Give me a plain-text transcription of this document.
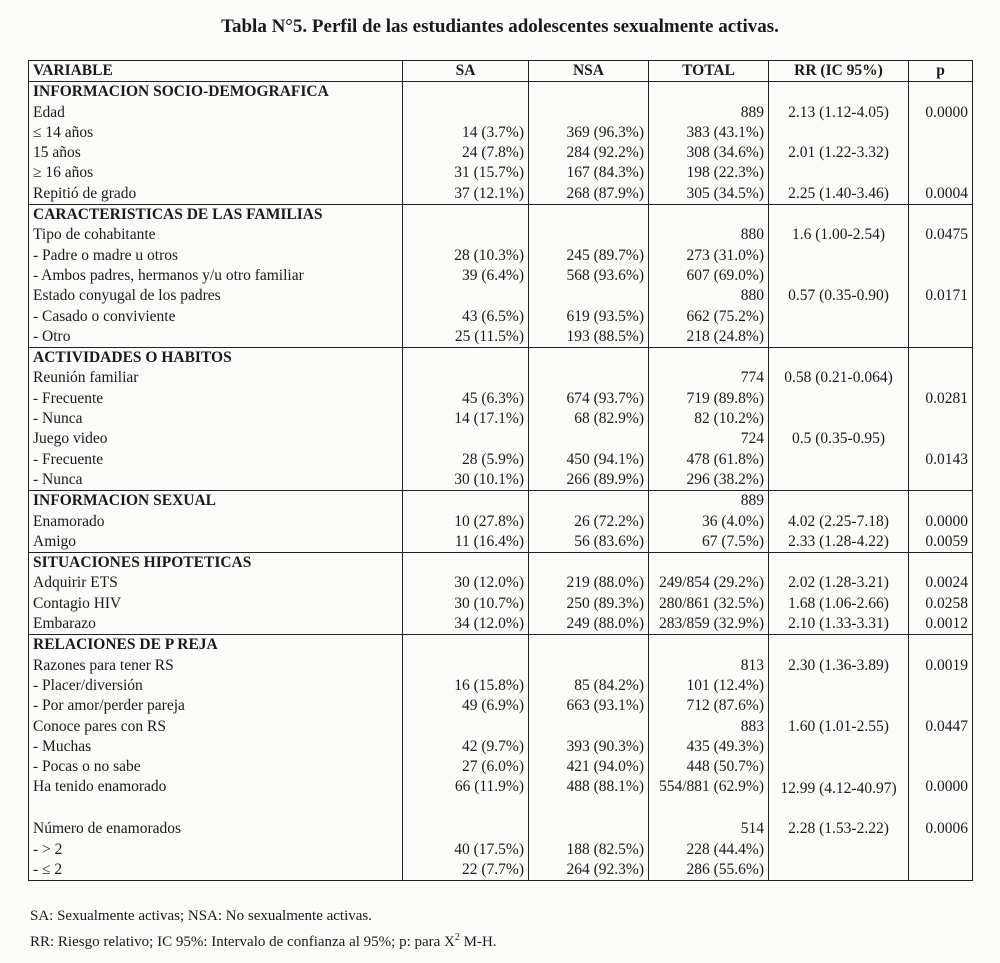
Tabla N°5. Perfil de las estudiantes adolescentes sexualmente activas.
VARIABLE	SA	NSA	TOTAL	RR (IC 95%)	p
INFORMACION SOCIO-DEMOGRAFICA					
Edad			889	2.13 (1.12-4.05)	0.0000
≤ 14 años	14 (3.7%)	369 (96.3%)	383 (43.1%)		
15 años	24 (7.8%)	284 (92.2%)	308 (34.6%)	2.01 (1.22-3.32)	
≥ 16 años	31 (15.7%)	167 (84.3%)	198 (22.3%)		
Repitió de grado	37 (12.1%)	268 (87.9%)	305 (34.5%)	2.25 (1.40-3.46)	0.0004
CARACTERISTICAS DE LAS FAMILIAS					
Tipo de cohabitante			880	1.6 (1.00-2.54)	0.0475
- Padre o madre u otros	28 (10.3%)	245 (89.7%)	273 (31.0%)		
- Ambos padres, hermanos y/u otro familiar	39 (6.4%)	568 (93.6%)	607 (69.0%)		
Estado conyugal de los padres			880	0.57 (0.35-0.90)	0.0171
- Casado o conviviente	43 (6.5%)	619 (93.5%)	662 (75.2%)		
- Otro	25 (11.5%)	193 (88.5%)	218 (24.8%)		
ACTIVIDADES O HABITOS					
Reunión familiar			774	0.58 (0.21-0.064)	
- Frecuente	45 (6.3%)	674 (93.7%)	719 (89.8%)		0.0281
- Nunca	14 (17.1%)	68 (82.9%)	82 (10.2%)		
Juego video			724	0.5 (0.35-0.95)	
- Frecuente	28 (5.9%)	450 (94.1%)	478 (61.8%)		0.0143
- Nunca	30 (10.1%)	266 (89.9%)	296 (38.2%)		
INFORMACION SEXUAL			889		
Enamorado	10 (27.8%)	26 (72.2%)	36 (4.0%)	4.02 (2.25-7.18)	0.0000
Amigo	11 (16.4%)	56 (83.6%)	67 (7.5%)	2.33 (1.28-4.22)	0.0059
SITUACIONES HIPOTETICAS					
Adquirir ETS	30 (12.0%)	219 (88.0%)	249/854 (29.2%)	2.02 (1.28-3.21)	0.0024
Contagio HIV	30 (10.7%)	250 (89.3%)	280/861 (32.5%)	1.68 (1.06-2.66)	0.0258
Embarazo	34 (12.0%)	249 (88.0%)	283/859 (32.9%)	2.10 (1.33-3.31)	0.0012
RELACIONES DE P REJA					
Razones para tener RS			813	2.30 (1.36-3.89)	0.0019
- Placer/diversión	16 (15.8%)	85 (84.2%)	101 (12.4%)		
- Por amor/perder pareja	49 (6.9%)	663 (93.1%)	712 (87.6%)		
Conoce pares con RS			883	1.60 (1.01-2.55)	0.0447
- Muchas	42 (9.7%)	393 (90.3%)	435 (49.3%)		
- Pocas o no sabe	27 (6.0%)	421 (94.0%)	448 (50.7%)		
Ha tenido enamorado	66 (11.9%)	488 (88.1%)	554/881 (62.9%)	12.99 (4.12-40.97)	0.0000
Número de enamorados			514	2.28 (1.53-2.22)	0.0006
- > 2	40 (17.5%)	188 (82.5%)	228 (44.4%)		
- ≤ 2	22 (7.7%)	264 (92.3%)	286 (55.6%)		
SA: Sexualmente activas; NSA: No sexualmente activas.
RR: Riesgo relativo; IC 95%: Intervalo de confianza al 95%; p: para $X^2$ M-H.
